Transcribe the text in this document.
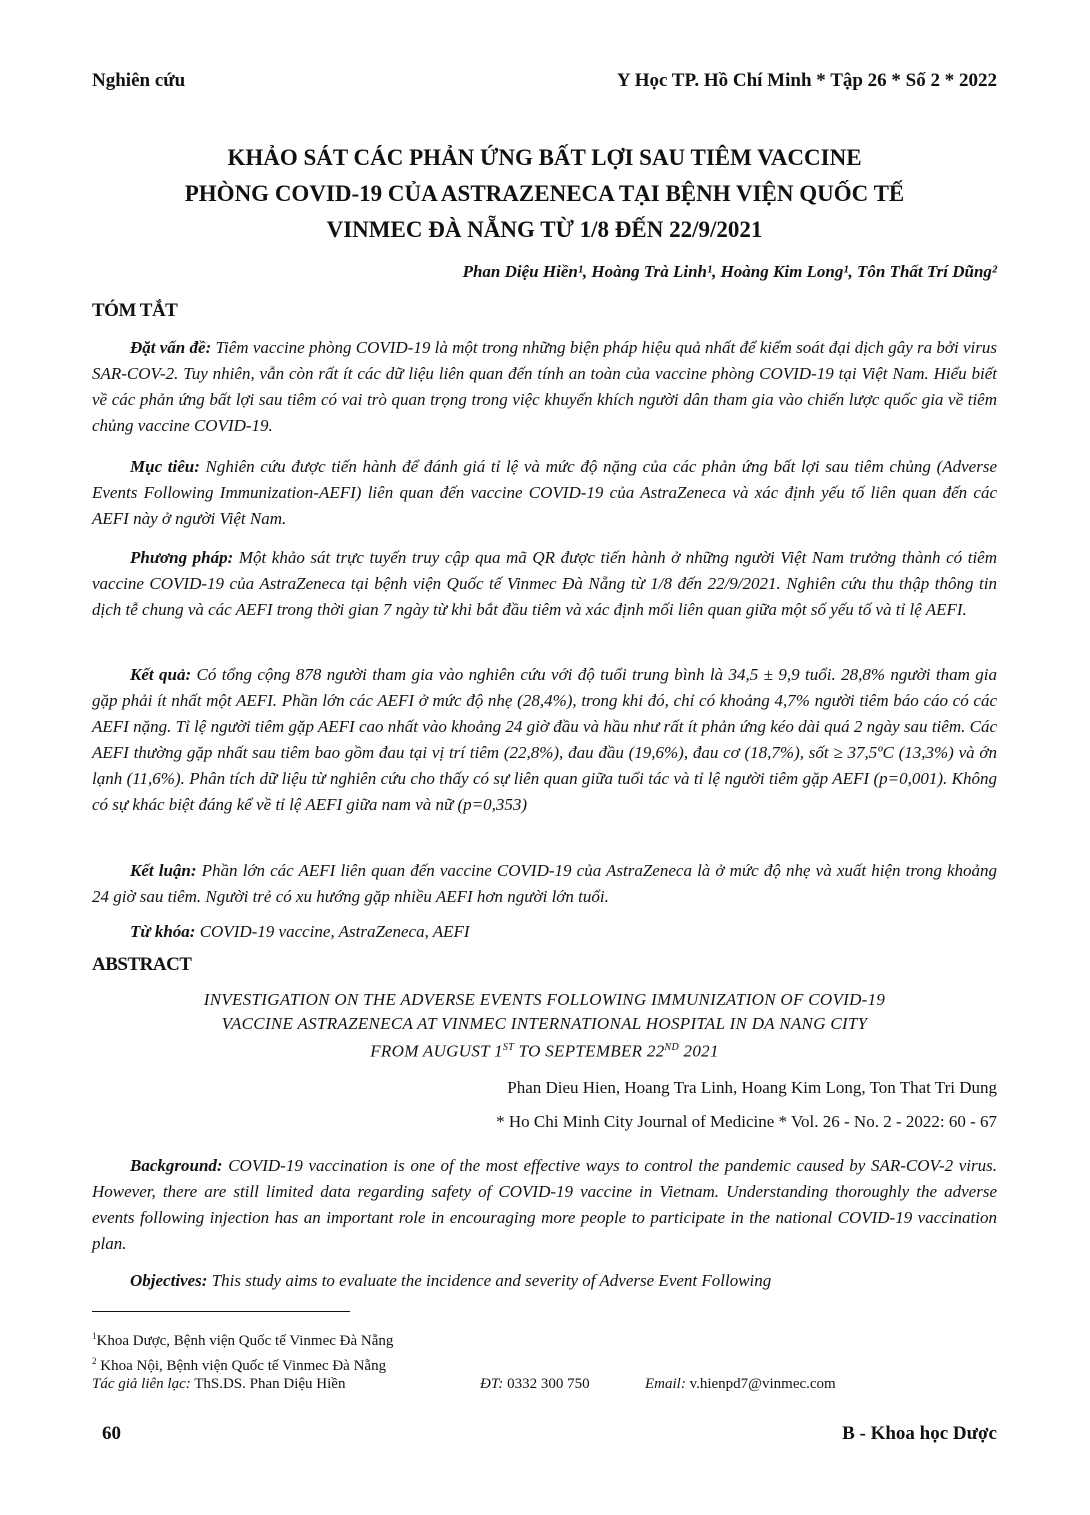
Nghiên cứu	Y Học TP. Hồ Chí Minh * Tập 26 * Số 2 * 2022
KHẢO SÁT CÁC PHẢN ỨNG BẤT LỢI SAU TIÊM VACCINE
PHÒNG COVID-19 CỦA ASTRAZENECA TẠI BỆNH VIỆN QUỐC TẾ
VINMEC ĐÀ NẴNG TỪ 1/8 ĐẾN 22/9/2021
Phan Diệu Hiền¹, Hoàng Trà Linh¹, Hoàng Kim Long¹, Tôn Thất Trí Dũng²
TÓM TẮT
Đặt vấn đề: Tiêm vaccine phòng COVID-19 là một trong những biện pháp hiệu quả nhất để kiểm soát đại dịch gây ra bởi virus SAR-COV-2. Tuy nhiên, vẫn còn rất ít các dữ liệu liên quan đến tính an toàn của vaccine phòng COVID-19 tại Việt Nam. Hiểu biết về các phản ứng bất lợi sau tiêm có vai trò quan trọng trong việc khuyến khích người dân tham gia vào chiến lược quốc gia về tiêm chủng vaccine COVID-19.
Mục tiêu: Nghiên cứu được tiến hành để đánh giá tỉ lệ và mức độ nặng của các phản ứng bất lợi sau tiêm chủng (Adverse Events Following Immunization-AEFI) liên quan đến vaccine COVID-19 của AstraZeneca và xác định yếu tố liên quan đến các AEFI này ở người Việt Nam.
Phương pháp: Một khảo sát trực tuyến truy cập qua mã QR được tiến hành ở những người Việt Nam trưởng thành có tiêm vaccine COVID-19 của AstraZeneca tại bệnh viện Quốc tế Vinmec Đà Nẵng từ 1/8 đến 22/9/2021. Nghiên cứu thu thập thông tin dịch tễ chung và các AEFI trong thời gian 7 ngày từ khi bắt đầu tiêm và xác định mối liên quan giữa một số yếu tố và tỉ lệ AEFI.
Kết quả: Có tổng cộng 878 người tham gia vào nghiên cứu với độ tuổi trung bình là 34,5 ± 9,9 tuổi. 28,8% người tham gia gặp phải ít nhất một AEFI. Phần lớn các AEFI ở mức độ nhẹ (28,4%), trong khi đó, chỉ có khoảng 4,7% người tiêm báo cáo có các AEFI nặng. Tỉ lệ người tiêm gặp AEFI cao nhất vào khoảng 24 giờ đầu và hầu như rất ít phản ứng kéo dài quá 2 ngày sau tiêm. Các AEFI thường gặp nhất sau tiêm bao gồm đau tại vị trí tiêm (22,8%), đau đầu (19,6%), đau cơ (18,7%), sốt ≥ 37,5ºC (13,3%) và ớn lạnh (11,6%). Phân tích dữ liệu từ nghiên cứu cho thấy có sự liên quan giữa tuổi tác và tỉ lệ người tiêm gặp AEFI (p=0,001). Không có sự khác biệt đáng kể về tỉ lệ AEFI giữa nam và nữ (p=0,353)
Kết luận: Phần lớn các AEFI liên quan đến vaccine COVID-19 của AstraZeneca là ở mức độ nhẹ và xuất hiện trong khoảng 24 giờ sau tiêm. Người trẻ có xu hướng gặp nhiều AEFI hơn người lớn tuổi.
Từ khóa: COVID-19 vaccine, AstraZeneca, AEFI
ABSTRACT
INVESTIGATION ON THE ADVERSE EVENTS FOLLOWING IMMUNIZATION OF COVID-19
VACCINE ASTRAZENECA AT VINMEC INTERNATIONAL HOSPITAL IN DA NANG CITY
FROM AUGUST 1ST TO SEPTEMBER 22ND 2021
Phan Dieu Hien, Hoang Tra Linh, Hoang Kim Long, Ton That Tri Dung
* Ho Chi Minh City Journal of Medicine * Vol. 26 - No. 2 - 2022: 60 - 67
Background: COVID-19 vaccination is one of the most effective ways to control the pandemic caused by SAR-COV-2 virus. However, there are still limited data regarding safety of COVID-19 vaccine in Vietnam. Understanding thoroughly the adverse events following injection has an important role in encouraging more people to participate in the national COVID-19 vaccination plan.
Objectives: This study aims to evaluate the incidence and severity of Adverse Event Following
$^1$Khoa Dược, Bệnh viện Quốc tế Vinmec Đà Nẵng
$^2$ Khoa Nội, Bệnh viện Quốc tế Vinmec Đà Nẵng
Tác giả liên lạc: ThS.DS. Phan Diệu Hiền	ĐT: 0332 300 750	Email: v.hienpd7@vinmec.com
60	B - Khoa học Dược
